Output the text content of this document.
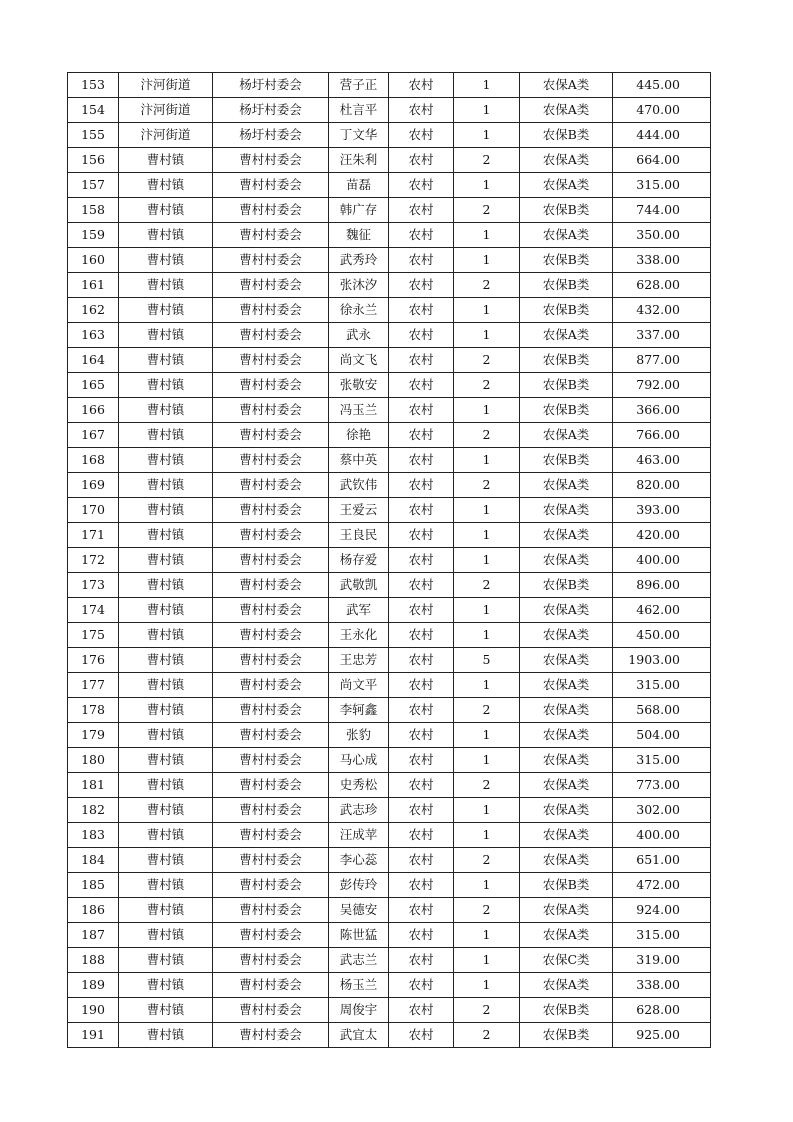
153	汴河街道	杨圩村委会	营子正	农村	1	农保A类	445.00
154	汴河街道	杨圩村委会	杜言平	农村	1	农保A类	470.00
155	汴河街道	杨圩村委会	丁文华	农村	1	农保B类	444.00
156	曹村镇	曹村村委会	汪朱利	农村	2	农保A类	664.00
157	曹村镇	曹村村委会	苗磊	农村	1	农保A类	315.00
158	曹村镇	曹村村委会	韩广存	农村	2	农保B类	744.00
159	曹村镇	曹村村委会	魏征	农村	1	农保A类	350.00
160	曹村镇	曹村村委会	武秀玲	农村	1	农保B类	338.00
161	曹村镇	曹村村委会	张沐汐	农村	2	农保B类	628.00
162	曹村镇	曹村村委会	徐永兰	农村	1	农保B类	432.00
163	曹村镇	曹村村委会	武永	农村	1	农保A类	337.00
164	曹村镇	曹村村委会	尚文飞	农村	2	农保B类	877.00
165	曹村镇	曹村村委会	张敬安	农村	2	农保B类	792.00
166	曹村镇	曹村村委会	冯玉兰	农村	1	农保B类	366.00
167	曹村镇	曹村村委会	徐艳	农村	2	农保A类	766.00
168	曹村镇	曹村村委会	蔡中英	农村	1	农保B类	463.00
169	曹村镇	曹村村委会	武钦伟	农村	2	农保A类	820.00
170	曹村镇	曹村村委会	王爱云	农村	1	农保A类	393.00
171	曹村镇	曹村村委会	王良民	农村	1	农保A类	420.00
172	曹村镇	曹村村委会	杨存爱	农村	1	农保A类	400.00
173	曹村镇	曹村村委会	武敬凯	农村	2	农保B类	896.00
174	曹村镇	曹村村委会	武军	农村	1	农保A类	462.00
175	曹村镇	曹村村委会	王永化	农村	1	农保A类	450.00
176	曹村镇	曹村村委会	王忠芳	农村	5	农保A类	1903.00
177	曹村镇	曹村村委会	尚文平	农村	1	农保A类	315.00
178	曹村镇	曹村村委会	李轲鑫	农村	2	农保A类	568.00
179	曹村镇	曹村村委会	张豹	农村	1	农保A类	504.00
180	曹村镇	曹村村委会	马心成	农村	1	农保A类	315.00
181	曹村镇	曹村村委会	史秀松	农村	2	农保A类	773.00
182	曹村镇	曹村村委会	武志珍	农村	1	农保A类	302.00
183	曹村镇	曹村村委会	汪成苹	农村	1	农保A类	400.00
184	曹村镇	曹村村委会	李心蕊	农村	2	农保A类	651.00
185	曹村镇	曹村村委会	彭传玲	农村	1	农保B类	472.00
186	曹村镇	曹村村委会	吴德安	农村	2	农保A类	924.00
187	曹村镇	曹村村委会	陈世猛	农村	1	农保A类	315.00
188	曹村镇	曹村村委会	武志兰	农村	1	农保C类	319.00
189	曹村镇	曹村村委会	杨玉兰	农村	1	农保A类	338.00
190	曹村镇	曹村村委会	周俊宇	农村	2	农保B类	628.00
191	曹村镇	曹村村委会	武宜太	农村	2	农保B类	925.00
